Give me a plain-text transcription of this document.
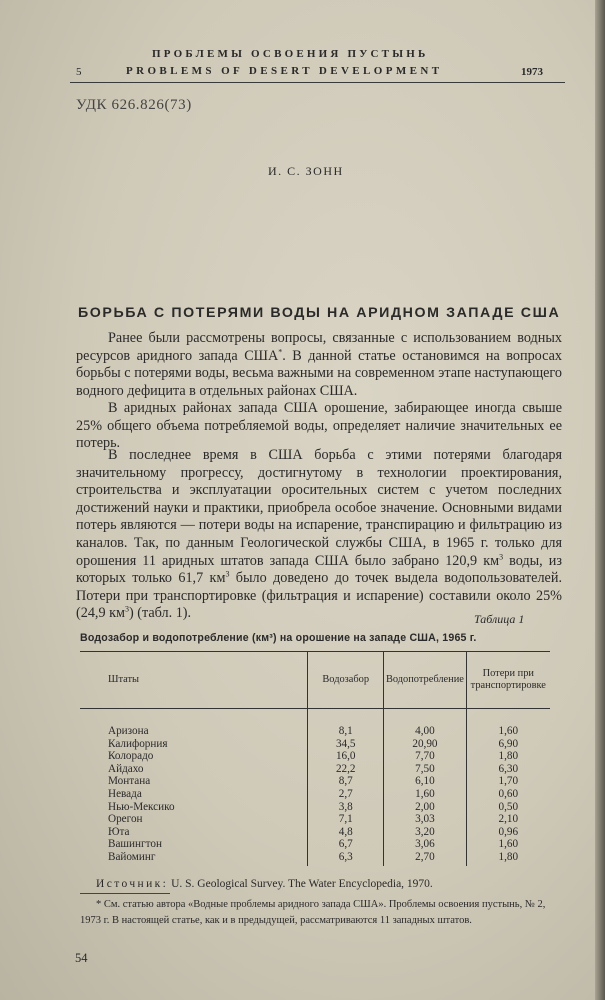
5
ПРОБЛЕМЫ ОСВОЕНИЯ ПУСТЫНЬ
PROBLEMS OF DESERT DEVELOPMENT	1973
УДК 626.826(73)
И. С. ЗОНН
БОРЬБА С ПОТЕРЯМИ ВОДЫ НА АРИДНОМ ЗАПАДЕ США
Ранее были рассмотрены вопросы, связанные с использованием водных ресурсов аридного запада США*. В данной статье остановимся на вопросах борьбы с потерями воды, весьма важными на современном этапе наступающего водного дефицита в отдельных районах США.
В аридных районах запада США орошение, забирающее иногда свыше 25% общего объема потребляемой воды, определяет наличие значительных ее потерь.
В последнее время в США борьба с этими потерями благодаря значительному прогрессу, достигнутому в технологии проектирования, строительства и эксплуатации оросительных систем с учетом последних достижений науки и практики, приобрела особое значение. Основными видами потерь являются — потери воды на испарение, транспирацию и фильтрацию из каналов. Так, по данным Геологической службы США, в 1965 г. только для орошения 11 аридных штатов запада США было забрано 120,9 $км^3$ воды, из которых только 61,7 $км^3$ было доведено до точек выдела водопользователей. Потери при транспортировке (фильтрация и испарение) составили около 25% (24,9 $км^3$) (табл. 1).	Таблица 1
Водозабор и водопотребление (км³) на орошение на западе США, 1965 г.
Штаты	Водозабор	Водопотребление	Потери при транспортировке
Аризона	8,1	4,00	1,60
Калифорния	34,5	20,90	6,90
Колорадо	16,0	7,70	1,80
Айдахо	22,2	7,50	6,30
Монтана	8,7	6,10	1,70
Невада	2,7	1,60	0,60
Нью-Мексико	3,8	2,00	0,50
Орегон	7,1	3,03	2,10
Юта	4,8	3,20	0,96
Вашингтон	6,7	3,06	1,60
Вайоминг	6,3	2,70	1,80
Источник: U. S. Geological Survey. The Water Encyclopedia, 1970.
* См. статью автора «Водные проблемы аридного запада США». Проблемы освоения пустынь, № 2, 1973 г. В настоящей статье, как и в предыдущей, рассматриваются 11 западных штатов.
54
